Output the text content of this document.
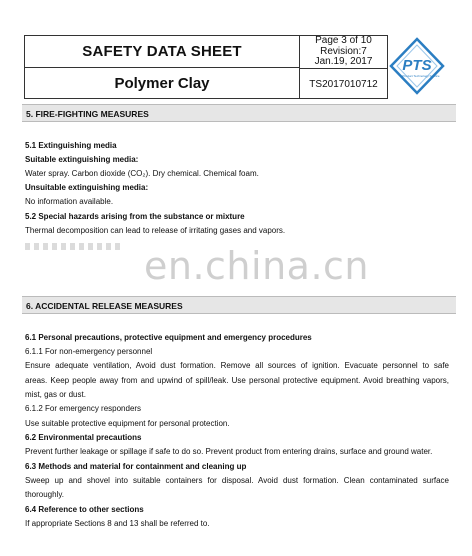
SAFETY DATA SHEET
Polymer Clay
Page 3 of 10
Revision:7
Jan.19, 2017
TS2017010712
PTS
Product Technology Service
5. FIRE-FIGHTING MEASURES
5.1 Extinguishing media
Suitable extinguishing media:
Water spray. Carbon dioxide (CO₂). Dry chemical. Chemical foam.
Unsuitable extinguishing media:
No information available.
5.2 Special hazards arising from the substance or mixture
Thermal decomposition can lead to release of irritating gases and vapors.
en.china.cn
6. ACCIDENTAL RELEASE MEASURES
6.1 Personal precautions, protective equipment and emergency procedures
6.1.1 For non-emergency personnel
Ensure adequate ventilation, Avoid dust formation. Remove all sources of ignition. Evacuate personnel to safe
areas. Keep people away from and upwind of spill/leak. Use personal protective equipment. Avoid breathing vapors,
mist, gas or dust.
6.1.2 For emergency responders
Use suitable protective equipment for personal protection.
6.2 Environmental precautions
Prevent further leakage or spillage if safe to do so. Prevent product from entering drains, surface and ground water.
6.3 Methods and material for containment and cleaning up
Sweep up and shovel into suitable containers for disposal. Avoid dust formation. Clean contaminated surface
thoroughly.
6.4 Reference to other sections
If appropriate Sections 8 and 13 shall be referred to.
